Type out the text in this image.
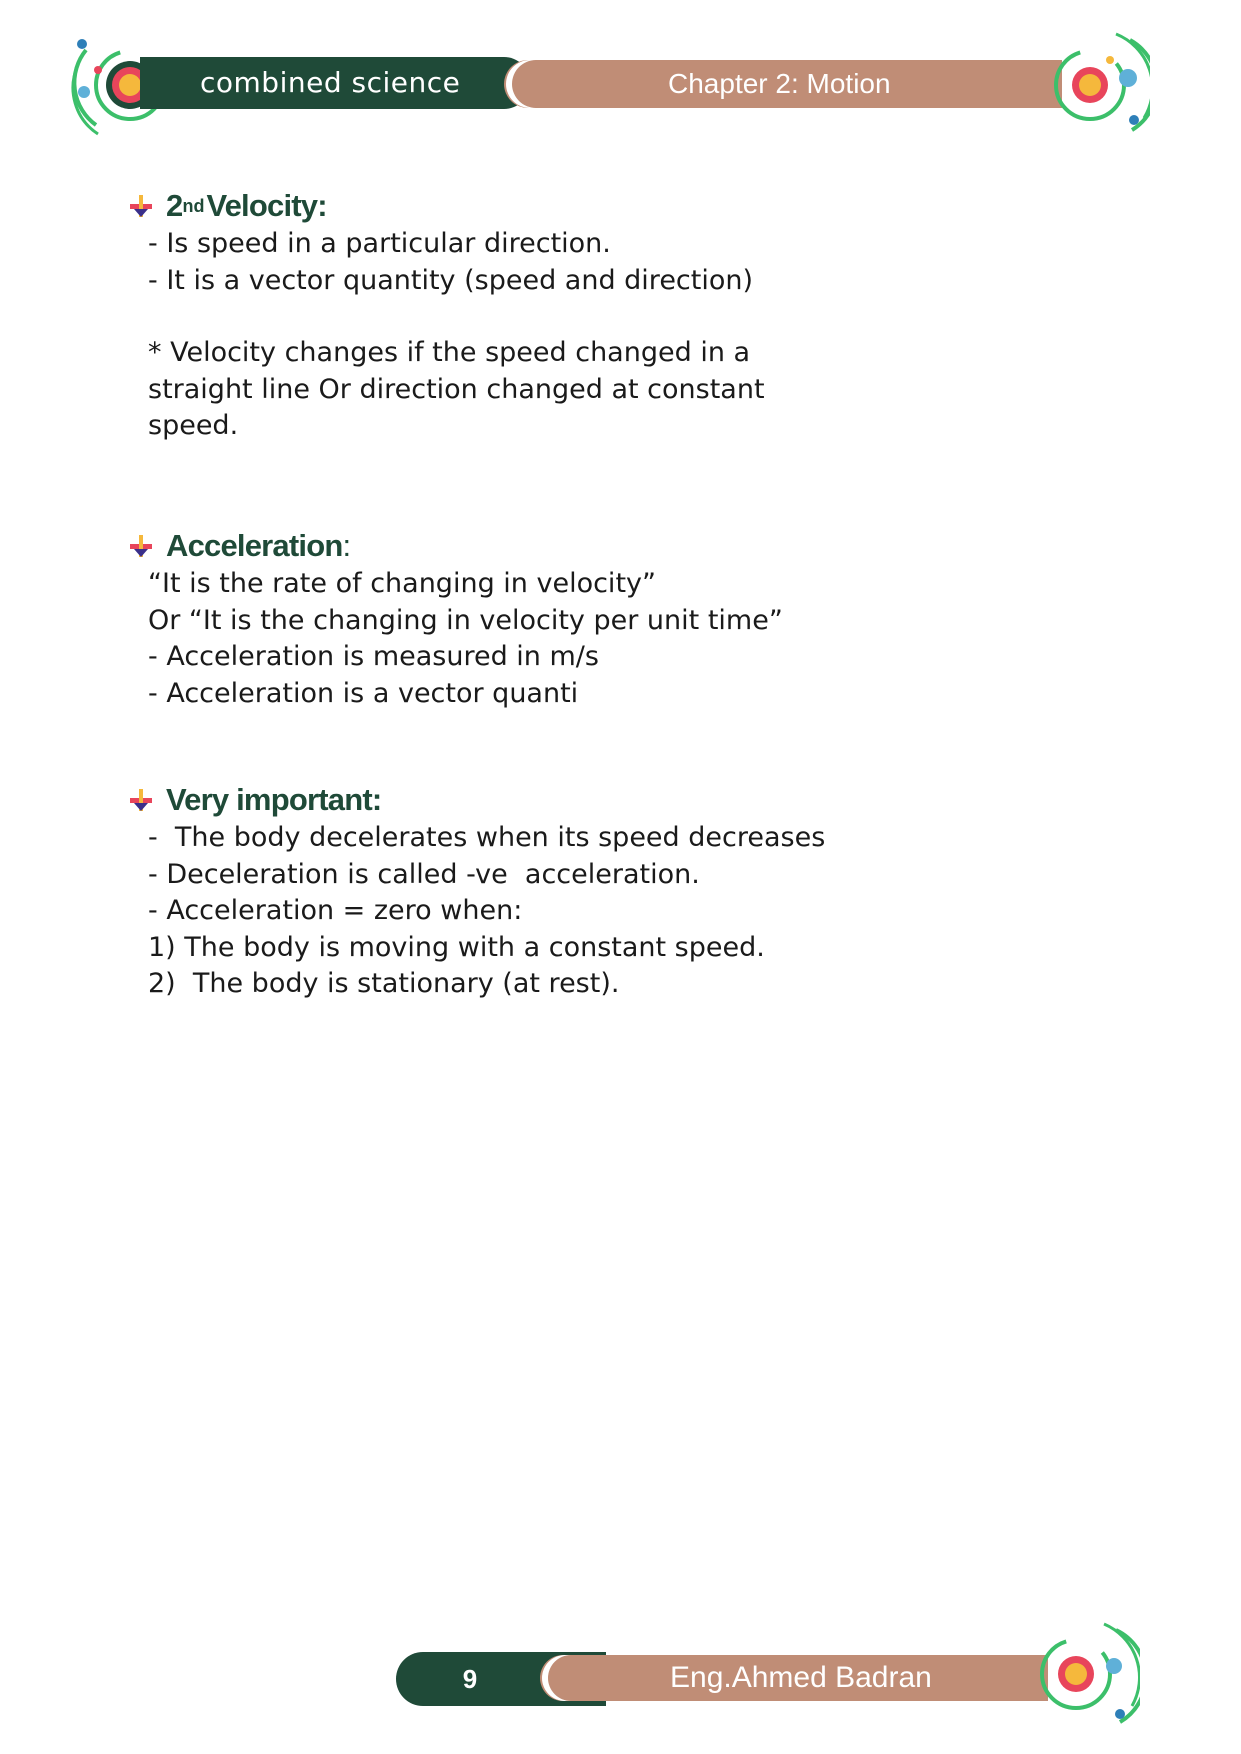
combined science	Chapter 2: Motion
2 nd Velocity:
- Is speed in a particular direction.
- It is a vector quantity (speed and direction)
* Velocity changes if the speed changed in a
straight line Or direction changed at constant
speed.
Acceleration :
“It is the rate of changing in velocity”
Or “It is the changing in velocity per unit time”
- Acceleration is measured in m/s
- Acceleration is a vector quanti
Very important:
-  The body decelerates when its speed decreases
- Deceleration is called -ve  acceleration.
- Acceleration = zero when:
1) The body is moving with a constant speed.
2)  The body is stationary (at rest).
9	Eng.Ahmed Badran
